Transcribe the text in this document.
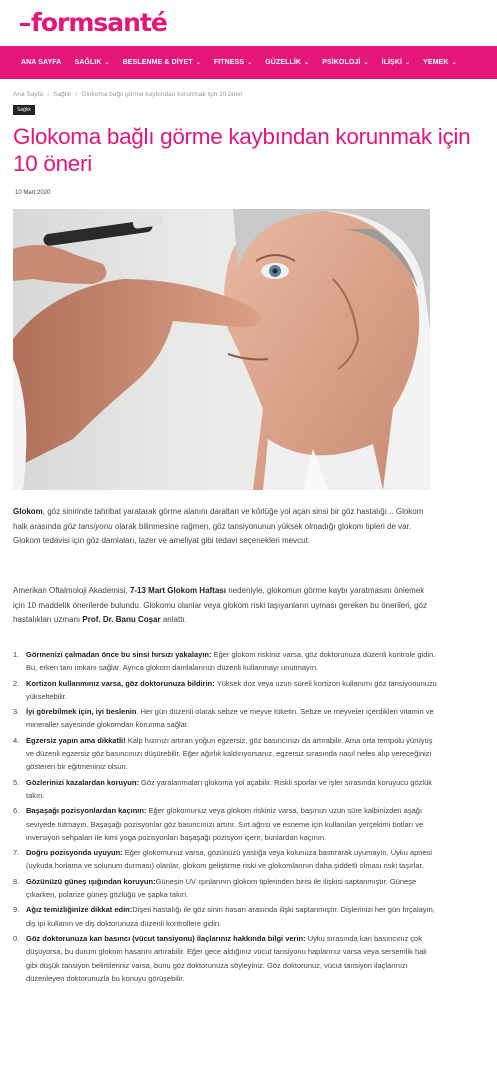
formsanté
ANA SAYFA SAĞLIK ⌄ BESLENME & DİYET ⌄ FITNESS ⌄ GÜZELLİK ⌄ PSİKOLOJİ ⌄ İLİŞKİ ⌄ YEMEK ⌄
Ana Sayfa › Sağlık › Glokoma bağlı görme kaybından korunmak için 10 öneri
Sağlık
Glokoma bağlı görme kaybından korunmak için 10 öneri
10 Mart 2020

Glokom, göz sinirinde tahribat yaratarak görme alanını daraltan ve körlüğe yol açan sinsi bir göz hastalığı... Glokom halk arasında göz tansiyonu olarak bilinmesine rağmen, göz tansiyonunun yüksek olmadığı glokom tipleri de var. Glokom tedavisi için göz damlaları, lazer ve ameliyat gibi tedavi seçenekleri mevcut.

Amerikan Oftalmoloji Akademisi, 7-13 Mart Glokom Haftası nedeniyle, glokomun görme kaybı yaratmasını önlemek için 10 maddelik önerilerde bulundu. Glokomu olanlar veya glokom riski taşıyanların uyması gereken bu önerileri, göz hastalıkları uzmanı Prof. Dr. Banu Coşar anlattı.

1. Görmenizi çalmadan önce bu sinsi hırsızı yakalayın: Eğer glokom riskiniz varsa, göz doktorunuza düzenli kontrole gidin. Bu, erken tanı imkanı sağlar. Ayrıca glokom damlalarınızı düzenli kullanmayı unutmayın.
2. Kortizon kullanmınız varsa, göz doktorunuza bildirin: Yüksek doz veya uzun süreli kortizon kullanımı göz tansiyonunuzu yükseltebilir.
3. İyi görebilmek için, iyi beslenin. Her gün düzenli olarak sebze ve meyve tüketin. Sebze ve meyveler içerdikleri vitamin ve mineraller sayesinde glokomdan korunma sağlar.
4. Egzersiz yapın ama dikkatli! Kalp hızınızı artıran yoğun egzersiz, göz basıncınızı da artırabilir. Ama orta tempolu yürüyüş ve düzenli egzersiz göz basıncınızı düşürebilir. Eğer ağırlık kaldırıyorsanız, egzersiz sırasında nasıl nefes alıp vereceğinizi gösteren bir eğitmeniniz olsun.
5. Gözlerinizi kazalardan koruyun: Göz yaralanmaları glokoma yol açabilir. Riskli sporlar ve işler sırasında koruyucu gözlük takın.
6. Başaşağı pozisyonlardan kaçının: Eğer glokomunuz veya glokom riskiniz varsa, başınızı uzun süre kalbinizden aşağı seviyede tutmayın. Başaşağı pozisyonlar göz basıncınızı artırır. Sırt ağrısı ve esneme için kullanılan yerçekimi botları ve inversiyon sehpaları ile kimi yoga pozisyonları başaşağı pozisyon içerir, bunlardan kaçının.
7. Doğru pozisyonda uyuyun: Eğer glokomunuz varsa, gözünüzü yastığa veya kolunuza bastırarak uyumayın. Uyku apnesi (uykuda horlama ve solunum durması) olanlar, glokom geliştirme riski ve glokomlarının daha şiddetli olması riski taşırlar.
8. Gözünüzü güneş ışığından koruyun:Güneşin UV ışınlarının glokom tiplerinden birisi ile ilişkisi saptanmıştır. Güneşe çıkarken, polarize güneş gözlüğü ve şapka takın.
9. Ağız temizliğinize dikkat edin:Dişeti hastalığı ile göz sinirı hasarı arasında ilişki saptanmıştır. Dişlerinizi her gün fırçalayın, diş ipi kullanın ve diş doktorunuza düzenli kontrollere gidin.
0. Göz doktorunuza kan basıncı (vücut tansiyonu) ilaçlarınız hakkında bilgi verin: Uyku sırasında kan basıncınız çok düşüyorsa, bu durum glokom hasarını artırabilir. Eğer gece aldığınız vücut tansiyonu haplarınız varsa veya sersemlik hali gibi düşük tansiyon belirtileriniz varsa, bunu göz doktorunuza söyleyiniz. Göz doktorunuz, vücut tansiyon ilaçlarınızı düzenleyen doktorunuzla bu konuyu görüşebilir.
